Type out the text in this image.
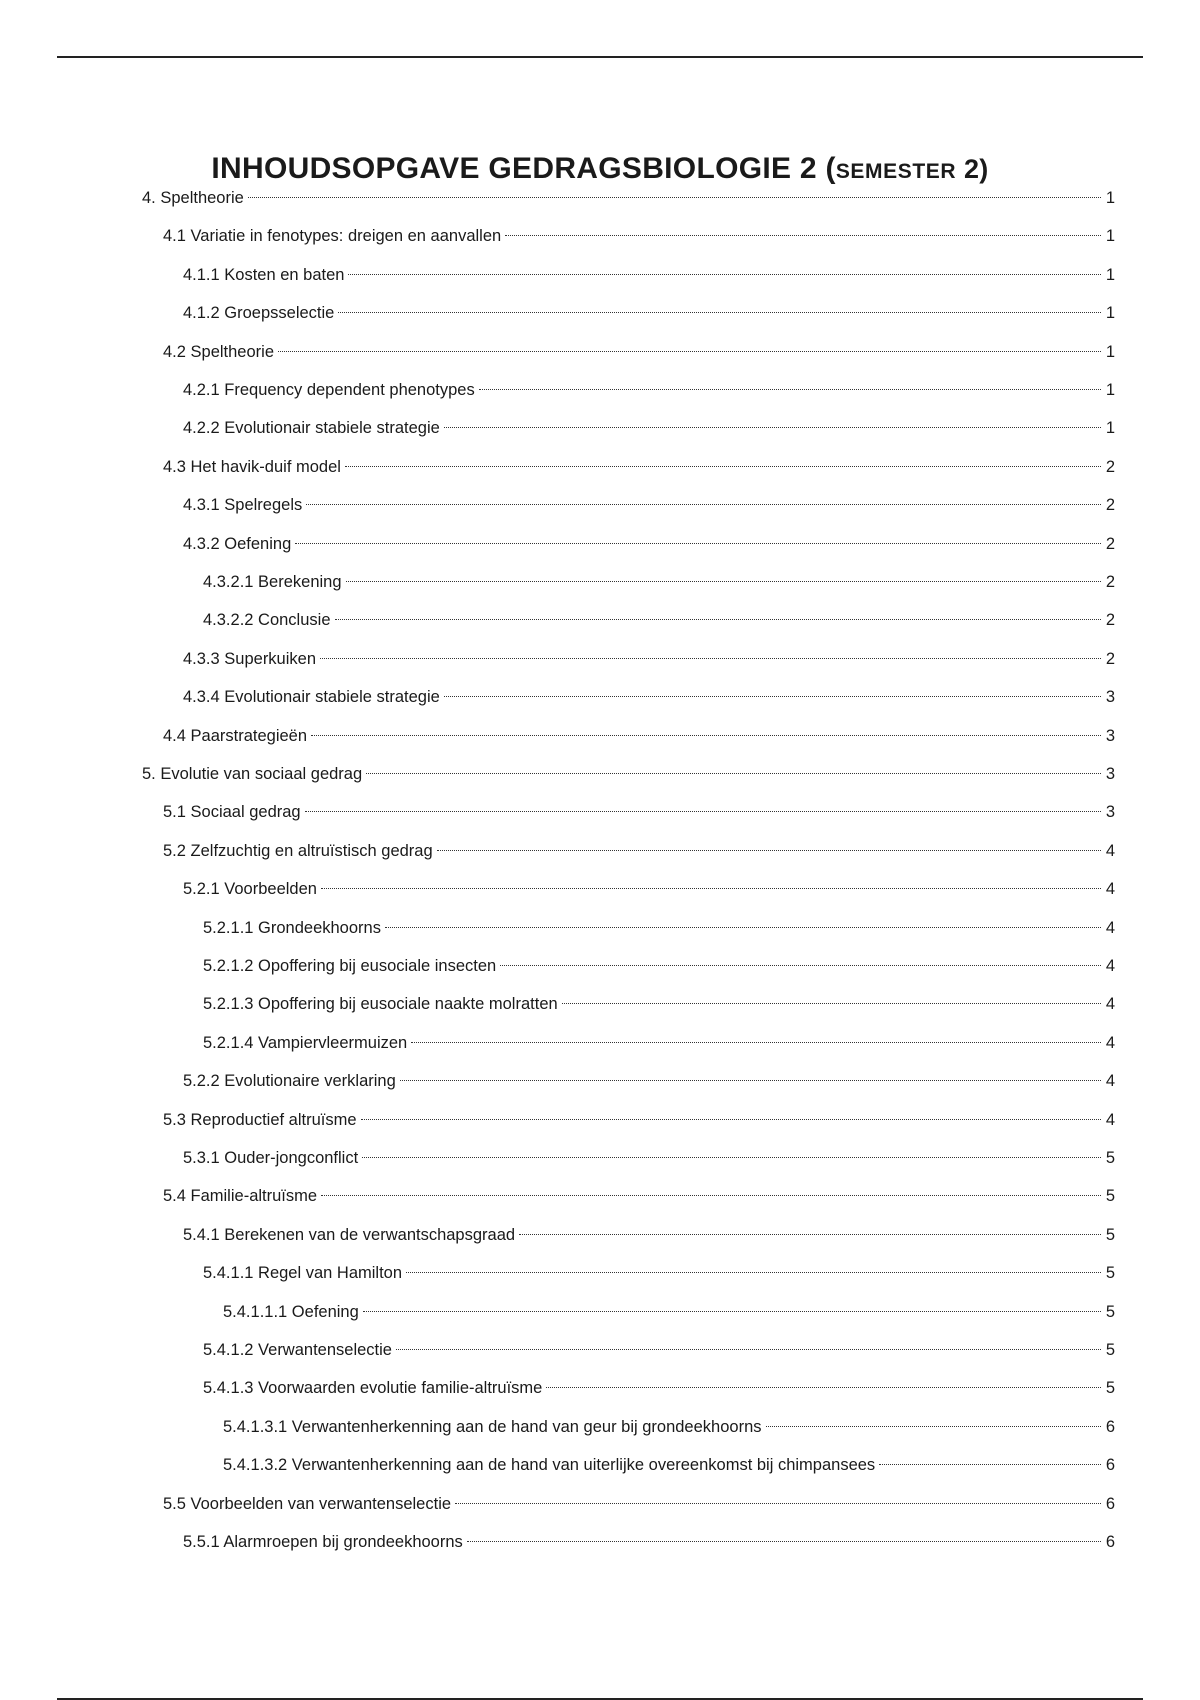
INHOUDSOPGAVE GEDRAGSBIOLOGIE 2 (SEMESTER 2)
4. Speltheorie	1
4.1 Variatie in fenotypes: dreigen en aanvallen	1
4.1.1 Kosten en baten	1
4.1.2 Groepsselectie	1
4.2 Speltheorie	1
4.2.1 Frequency dependent phenotypes	1
4.2.2 Evolutionair stabiele strategie	1
4.3 Het havik-duif model	2
4.3.1 Spelregels	2
4.3.2 Oefening	2
4.3.2.1 Berekening	2
4.3.2.2 Conclusie	2
4.3.3 Superkuiken	2
4.3.4 Evolutionair stabiele strategie	3
4.4 Paarstrategieën	3
5. Evolutie van sociaal gedrag	3
5.1 Sociaal gedrag	3
5.2 Zelfzuchtig en altruïstisch gedrag	4
5.2.1 Voorbeelden	4
5.2.1.1 Grondeekhoorns	4
5.2.1.2 Opoffering bij eusociale insecten	4
5.2.1.3 Opoffering bij eusociale naakte molratten	4
5.2.1.4 Vampiervleermuizen	4
5.2.2 Evolutionaire verklaring	4
5.3 Reproductief altruïsme	4
5.3.1 Ouder-jongconflict	5
5.4 Familie-altruïsme	5
5.4.1 Berekenen van de verwantschapsgraad	5
5.4.1.1 Regel van Hamilton	5
5.4.1.1.1 Oefening	5
5.4.1.2 Verwantenselectie	5
5.4.1.3 Voorwaarden evolutie familie-altruïsme	5
5.4.1.3.1 Verwantenherkenning aan de hand van geur bij grondeekhoorns	6
5.4.1.3.2 Verwantenherkenning aan de hand van uiterlijke overeenkomst bij chimpansees	6
5.5 Voorbeelden van verwantenselectie	6
5.5.1 Alarmroepen bij grondeekhoorns	6
